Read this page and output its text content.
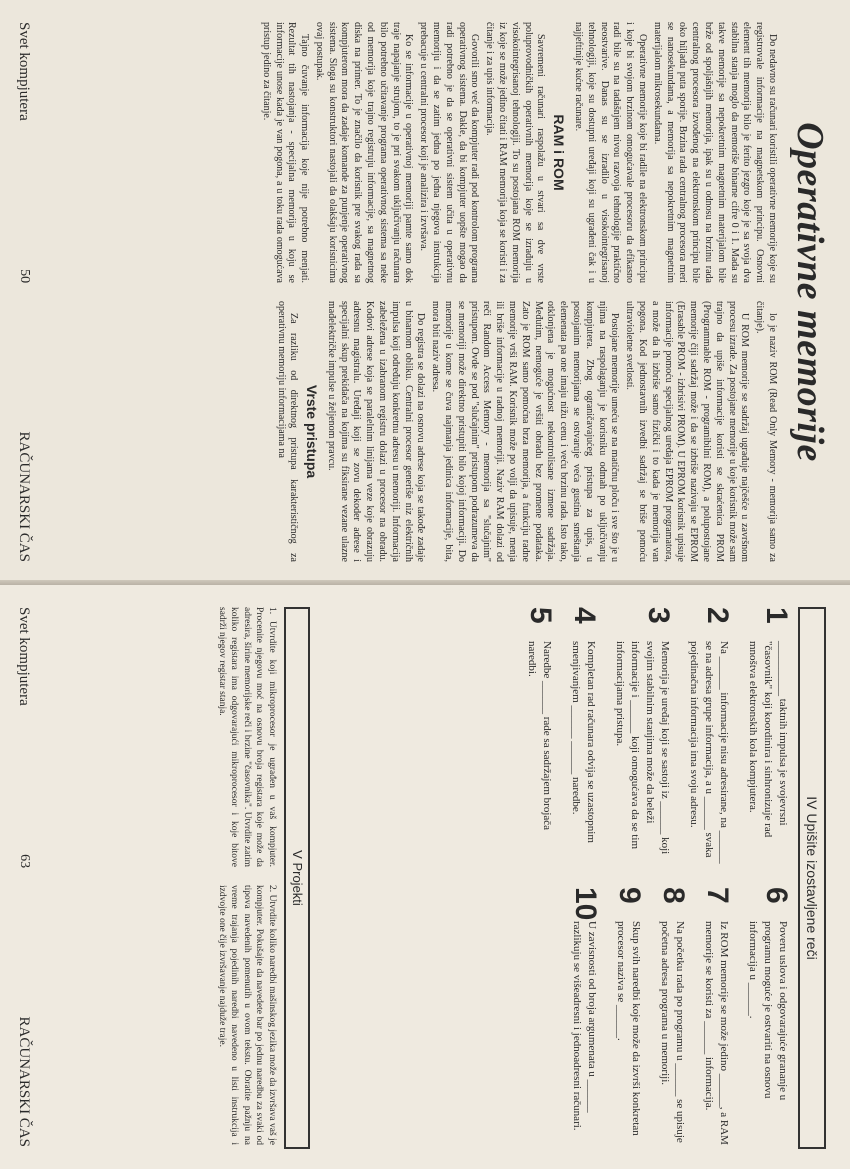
Operativne memorije

Do nedavno su računari koristili operativne memorije koje su registrovale informacije na magnetskom principu. Osnovni element tih memorija bilo je ferito jezgro koje je sa svoja dva stabilna stanja moglo da memoriše binarne cifre 0 i 1. Mada su takve memorije sa nepokretnim magnetnim materijalom bile brže od spoljašnjih memorija, ipak su u odnosu na brzinu rada centralnog procesora izvođenog na elektronskom principu bile oko hiljadu puta sporije. Brzina rada centralnog procesora meri se nanosekundama, a memorija sa nepokretnim magnetnim materijalom mikrosekundama.

Operativne memorije koje bi radile na elektronskom principu i koje bi svojom brzinom omogućavale procesoru da efikasno radi bile su na tadašnjem nivou razvoja tehnologije praktično neostvarive. Danas su se izradilo u visokointegrisanoj tehnologiji, koje su dostupni uređaji koji su ugrađeni čak i u najjeftinije kućne računare.

RAM i ROM

Savremeni računari raspolažu u stvari sa dve vrste poluprovodničkih operativnih memorija koje se izrađuju u visokointegrisanoj tehnologiji. To su postojana ROM memorija iz koje se može jedino čitati i RAM memorija koja se koristi i za čitanje i za upis informacija.

Govorili smo već da kompjuter radi pod kontrolom programa operativnog sistema. Dakle, da bi kompjuter uopšte mogao da radi potrebno je da se operativni sistem učita u operativnu memoriju i da se zatim jedna po jedna njegova instrukcija prebacuje u centralni procesor koji je analizira i izvršava.

Ko se informacije u operativnoj memoriji pamte samo dok traje napajanje strujom, to je pri svakom uključivanju računara bilo potrebno učitavanje programa operativnog sistema sa neke od memorija koje trajno registruju informacije, sa magnetnog diska na primer. To je značilo da korisnik pre svakog rada sa kompjuterom mora da zadaje komande za punjenje operativnog sistema. Sloga su konstruktori nastojali da olakšaju korisnicima ovaj postupak.

Tajno čuvanje informacija koje nije potrebno menjati. Rezultat tih nastojanja - specijalna memorija u koju se informacije unose kada je van pogona, a u toku rada omogućava pristup jedino za čitanje.

lo je naziv ROM (Read Only Memory - memorija samo za čitanje).

U ROM memorije se sadržaj ugrađuje najčešće u završnom procesu izrade. Za postojane memorije u koje korisnik može sam trajno da upiše informacije koristi se skraćenica PROM (Programmable ROM - programibilni ROM), a polupostojane memorije čiji sadržaj može i da se izbriše nazivaju se EPROM (Erasable PROM - izbrisivi PROM). U EPROM korisnik upisuje informacije pomoću specijalnog uređaja EPROM programatora, a može da ih izbriše samo fizički i to kada je memorija van pogona. Kod jednostavnih izvedbi sadržaj se briše pomoću ultravioletne svetlosti.

Postojane memorije umeću se na matičnu ploču i sve što je u njima na raspolaganju je korisniku odmah po uključivanju kompjutera. Zbog ograničavajućeg pristupa za upis, u postojanim memorijama se ostvaruje veća gustina smeštanja elemenata pa one imaju nižu cenu i veću brzinu rada. Isto tako, otklonjena je mogućnost nekontrolisane izmene sadržaja. Međutim, nemoguće je vršiti obradu bez promene podataka. Zato je ROM samo pomoćna brza memorija, a funkciju radne memorije vrši RAM. Korisnik može po volji da upisuje, menja ili briše informacije u radnoj memoriji. Naziv RAM dolazi od reči Random Access Memory - memorija sa "slučajnim" pristupom. Ovde se pod "slučajnim" pristupom podrazumeva da se memoriji može direktno pristupiti bilo kojoj informaciji. Do memorije u kome se čuva najmanja jedinica informacije, bita, mora biti naziv adresa.

Do registra se dolazi na osnovu adrese koja se takođe zadaje u binarnom obliku. Centralni procesor generiše niz električnih impulsa koji određuju konkretnu adresu u memoriji. Informacija zabeležena u izabranom registru dolazi u procesor na obradu. Kodovi adrese koja se paralelnim linijama veze koje obrazuju adresnu magistralu. Uređaji koji se zovu dekoder adrese i specijalni skup prekidača na kojima su fiksirane vezane ulazne mađelektričke impulse u željenom pravcu.

Vrste pristupa

Za razliku od direktnog pristupa karakterističnog za operativnu memoriju informacijama na

Svet kompjutera
50
RAČUNARSKI ČAS
IV Upišite izostavljene reči
1
__________ taktnih impulsa je svojevrsni "časovnik" koji koordinira i sinhronizuje rad mnoštva elektronskih kola kompjutera.
2
Na ______ informacije nisu adresirane, na ______ se na adresa grupe informacija, a u ______ svaka pojedinačna informacija ima svoju adresu.
3
Memorija je uređaj koji se sastoji iz ______ koji svojim stabilnim stanjima može da beleži informacije i ______ koji omogućava da se tim informacijama pristupa.
4
Kompletan rad računara odvija se uzastopnim smenjivanjem ______ ______ naredbe.
5
Naredbe ______ rade sa sadržajem brojača naredbi.
6
Poveru uslova i odgovarajuće grananje u programu moguće je ostvariti na osnovu informacija u ______.
7
Iz ROM memorije se može jedino ______, a RAM memorije se koristi za ______ informacija.
8
Na početku rada po programu u ______ se upisuje početna adresa programa u memoriji.
9
Skup svih naredbi koje može da izvrši konkretan procesor naziva se ______.
10
U zavisnosti od broja argumenata u ______ razlikuju se višeadresni i jednoadresni računari.
V Projekti
1. Utvrdite koji mikroprocesor je ugrađen u vaš kompjuter. Procenite njegovu moć na osnovu broja registara koje može da adresira, širine memorijske reči i brzine "časovnika". Utvrdite zatim koliko registara ima odgovarajući mikroprocesor i koje bitove sadrži njegov registar stanja.
2. Utvrdite koliko naredbi mašinskog jezika može da izvršava vaš je kompjuter. Pokušajte da navedete bar po jednu naredbu za svaki od tipova navedenih pomenutih u ovom tekstu. Obratite pažnju na vreme trajanja pojedinih naredbi navedeno u listi instrukcija i izdvojte one čije izvršavanje najduže traje.
Svet kompjutera
63
RAČUNARSKI ČAS
